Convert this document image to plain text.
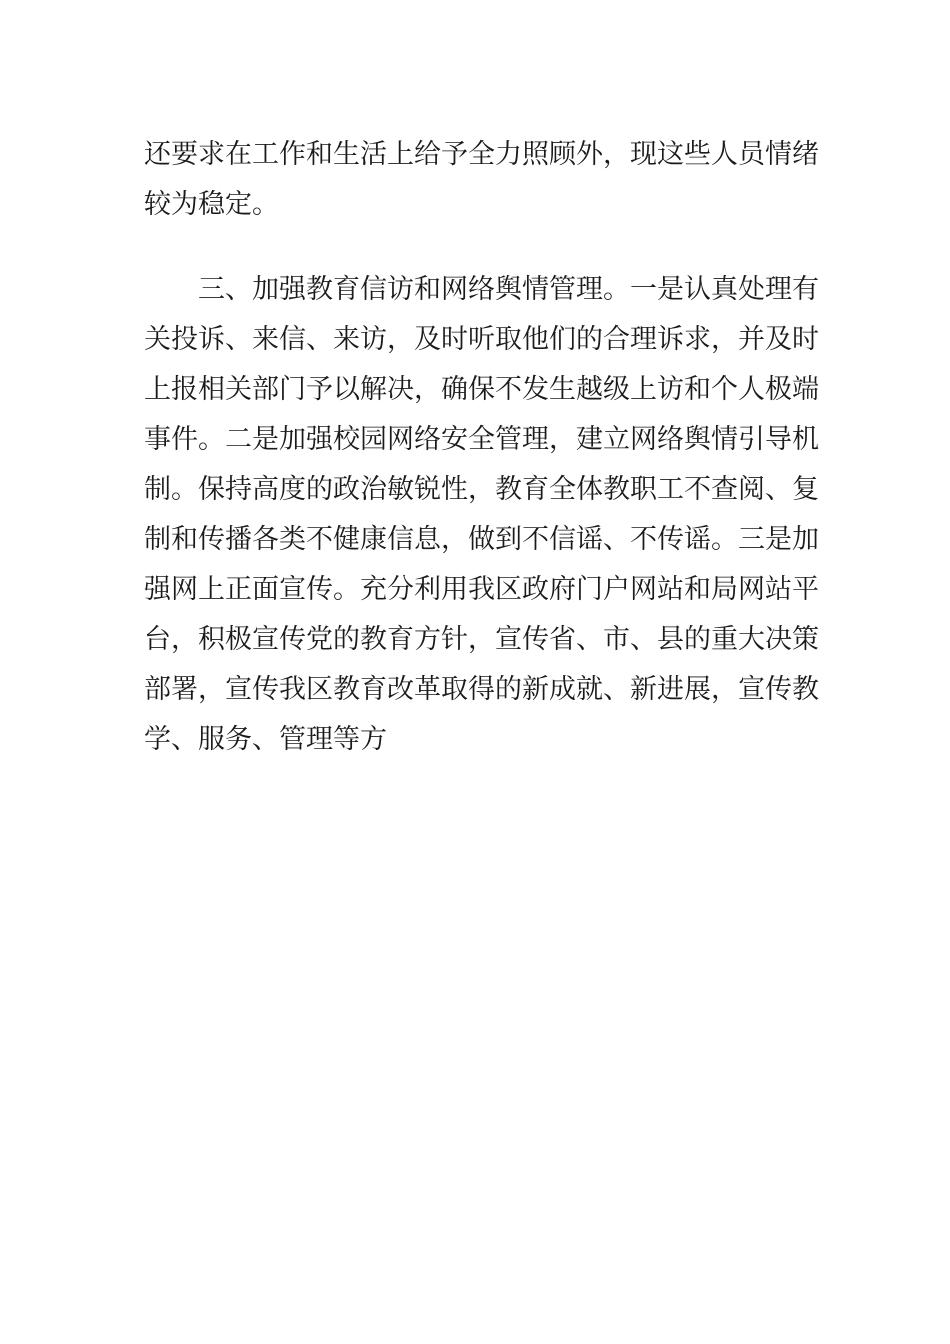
还要求在工作和生活上给予全力照顾外，现这些人员情绪
较为稳定。
三、加强教育信访和网络舆情管理。一是认真处理有
关投诉、来信、来访，及时听取他们的合理诉求，并及时
上报相关部门予以解决，确保不发生越级上访和个人极端
事件。二是加强校园网络安全管理，建立网络舆情引导机
制。保持高度的政治敏锐性，教育全体教职工不查阅、复
制和传播各类不健康信息，做到不信谣、不传谣。三是加
强网上正面宣传。充分利用我区政府门户网站和局网站平
台，积极宣传党的教育方针，宣传省、市、县的重大决策
部署，宣传我区教育改革取得的新成就、新进展，宣传教
学、服务、管理等方
